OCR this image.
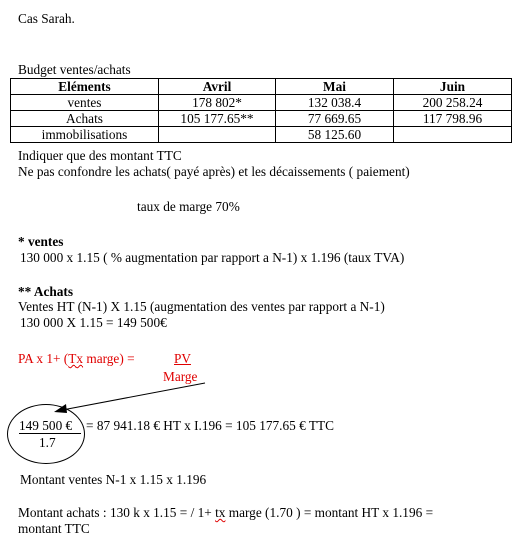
Cas Sarah.
Budget ventes/achats
Eléments	Avril	Mai	Juin
ventes	178 802*	132 038.4	200 258.24
Achats	105 177.65**	77 669.65	117 798.96
immobilisations		58 125.60	
Indiquer que des montant TTC
Ne pas confondre les achats( payé après) et les décaissements ( paiement)
taux de marge 70%
* ventes
130 000 x 1.15 ( % augmentation par rapport a N-1) x 1.196 (taux TVA)
** Achats
Ventes HT (N-1) X 1.15 (augmentation des ventes par rapport a N-1)
130 000 X 1.15 = 149 500€
PA x 1+ (Tx marge) =	PV
Marge
149 500 €
1.7
= 87 941.18 € HT x I.196 = 105 177.65 € TTC
Montant ventes N-1 x 1.15 x 1.196
Montant achats : 130 k x 1.15 = / 1+ tx marge (1.70 ) = montant HT x 1.196 =
montant TTC
